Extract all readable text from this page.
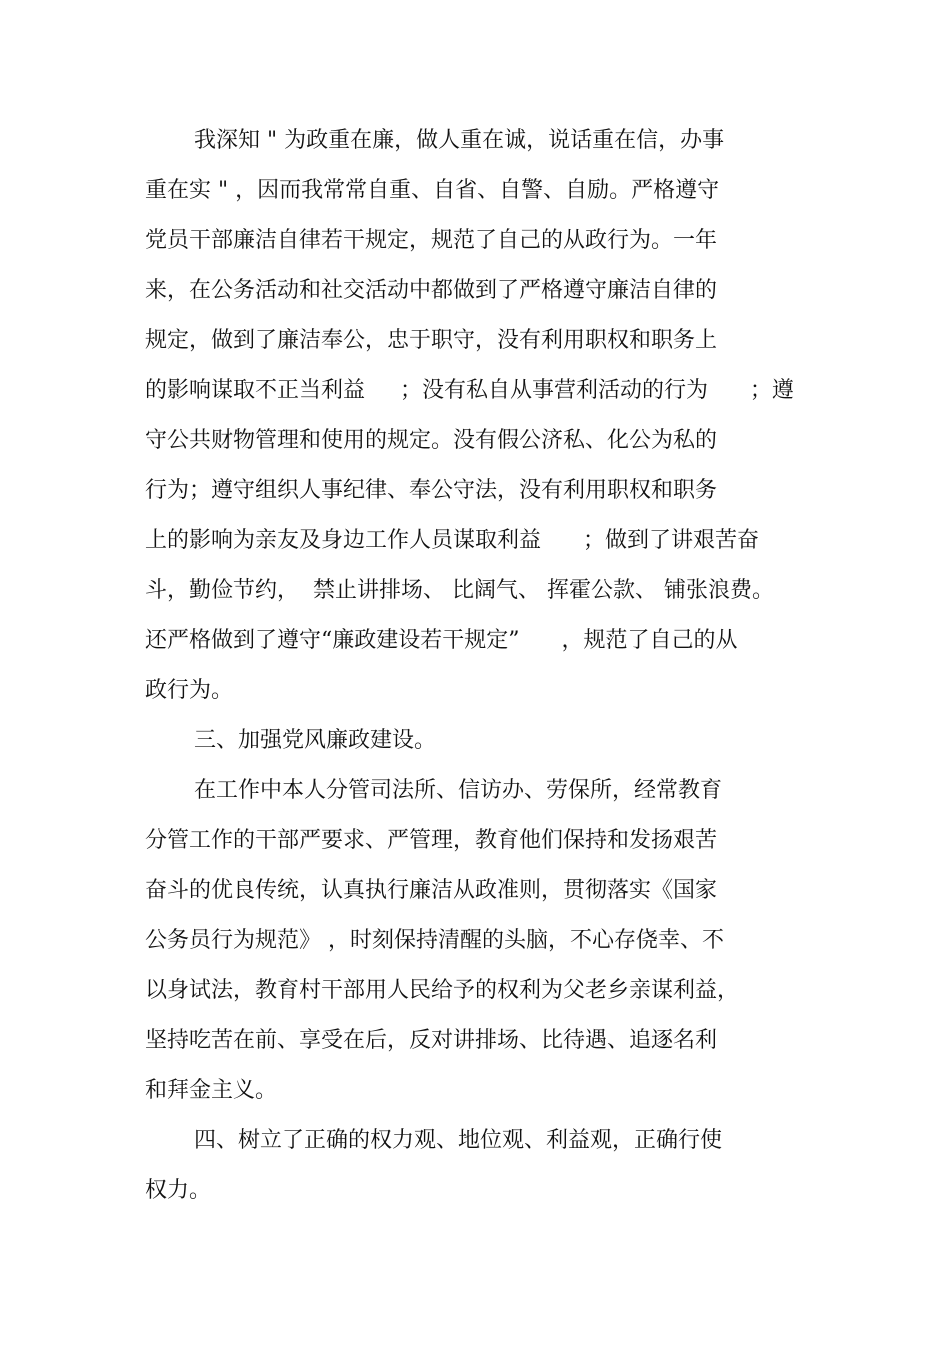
我深知 " 为政重在廉，做人重在诚，说话重在信，办事
重在实 " ，因而我常常自重、自省、自警、自励。严格遵守
党员干部廉洁自律若干规定，规范了自己的从政行为。一年
来，在公务活动和社交活动中都做到了严格遵守廉洁自律的
规定，做到了廉洁奉公，忠于职守，没有利用职权和职务上
的影响谋取不正当利益     ；没有私自从事营利活动的行为      ；遵
守公共财物管理和使用的规定。没有假公济私、化公为私的
行为；遵守组织人事纪律、奉公守法，没有利用职权和职务
上的影响为亲友及身边工作人员谋取利益      ；做到了讲艰苦奋
斗，勤俭节约，  禁止讲排场、 比阔气、 挥霍公款、 铺张浪费。
还严格做到了遵守“廉政建设若干规定”      ，规范了自己的从
政行为。
三、加强党风廉政建设。
在工作中本人分管司法所、信访办、劳保所，经常教育
分管工作的干部严要求、严管理，教育他们保持和发扬艰苦
奋斗的优良传统，认真执行廉洁从政准则，贯彻落实《国家
公务员行为规范》 ，时刻保持清醒的头脑，不心存侥幸、不
以身试法，教育村干部用人民给予的权利为父老乡亲谋利益，
坚持吃苦在前、享受在后，反对讲排场、比待遇、追逐名利
和拜金主义。
四、树立了正确的权力观、地位观、利益观，正确行使
权力。
